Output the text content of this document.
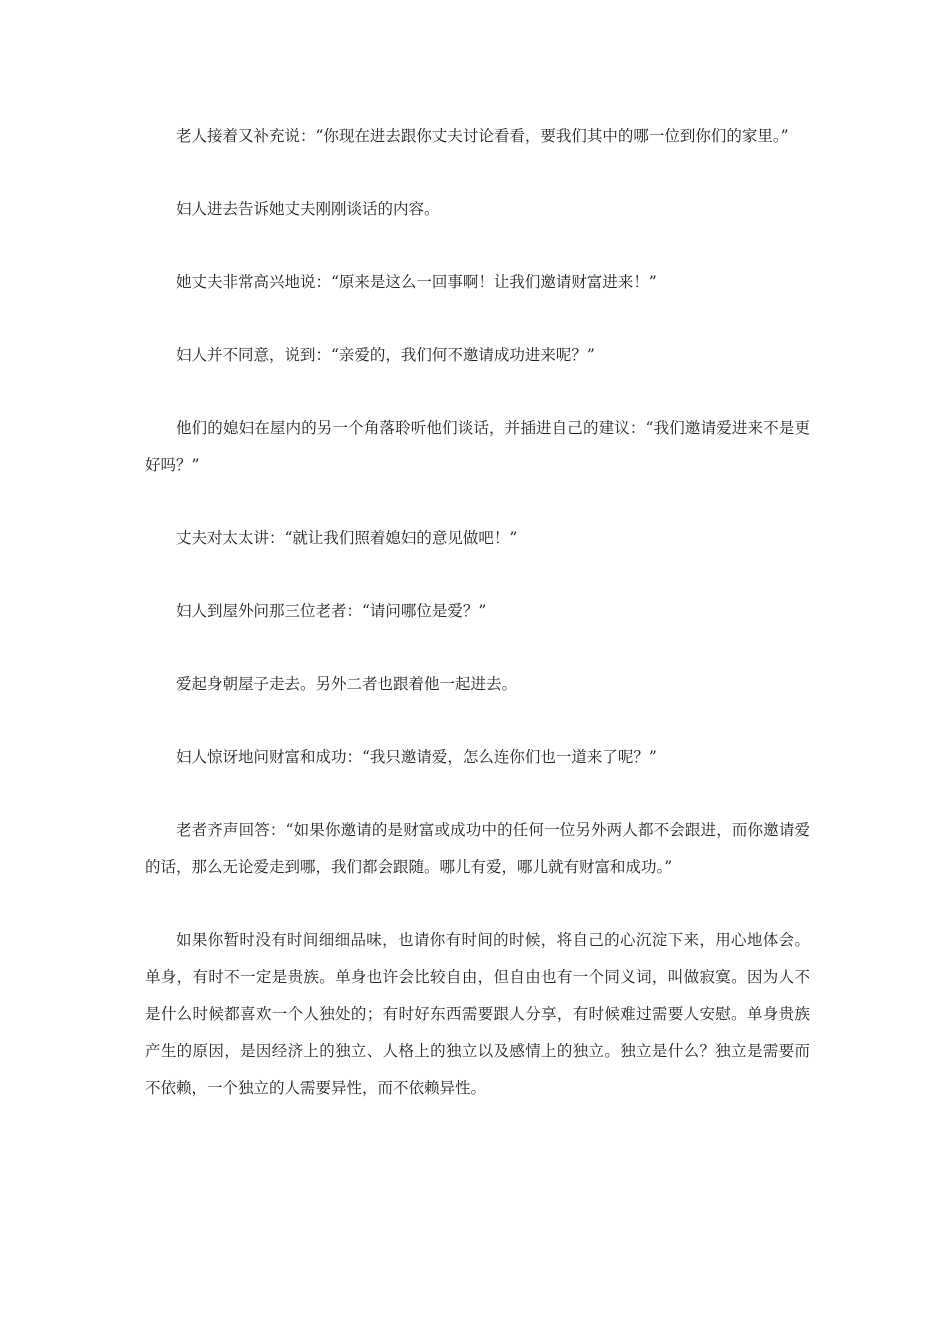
老人接着又补充说：“你现在进去跟你丈夫讨论看看，要我们其中的哪一位到你们的家里。”

妇人进去告诉她丈夫刚刚谈话的内容。

她丈夫非常高兴地说：“原来是这么一回事啊！让我们邀请财富进来！”

妇人并不同意，说到：“亲爱的，我们何不邀请成功进来呢？”

他们的媳妇在屋内的另一个角落聆听他们谈话，并插进自己的建议：“我们邀请爱进来不是更好吗？”

丈夫对太太讲：“就让我们照着媳妇的意见做吧！”

妇人到屋外问那三位老者：“请问哪位是爱？”

爱起身朝屋子走去。另外二者也跟着他一起进去。

妇人惊讶地问财富和成功：“我只邀请爱，怎么连你们也一道来了呢？”

老者齐声回答：“如果你邀请的是财富或成功中的任何一位另外两人都不会跟进，而你邀请爱的话，那么无论爱走到哪，我们都会跟随。哪儿有爱，哪儿就有财富和成功。”

如果你暂时没有时间细细品味，也请你有时间的时候，将自己的心沉淀下来，用心地体会。单身，有时不一定是贵族。单身也许会比较自由，但自由也有一个同义词，叫做寂寞。因为人不是什么时候都喜欢一个人独处的；有时好东西需要跟人分享，有时候难过需要人安慰。单身贵族产生的原因，是因经济上的独立、人格上的独立以及感情上的独立。独立是什么？独立是需要而不依赖，一个独立的人需要异性，而不依赖异性。
